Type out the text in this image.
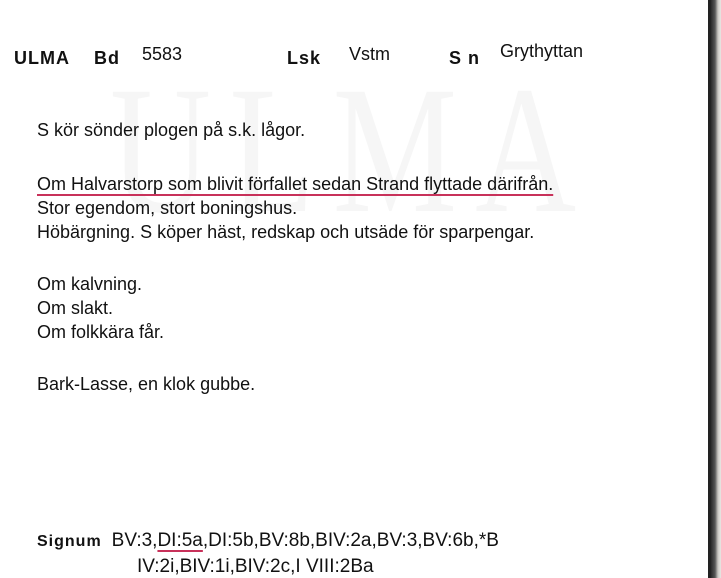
ULMA Bd 5583	Lsk Vstm	S n Grythyttan
S kör sönder plogen på s.k. lågor.
Om Halvarstorp som blivit förfallet sedan Strand flyttade därifrån.
Stor egendom, stort boningshus.
Höbärgning. S köper häst, redskap och utsäde för sparpengar.
Om kalvning.
Om slakt.
Om folkkära får.
Bark-Lasse, en klok gubbe.
Signum BV:3,DI:5a,DI:5b,BV:8b,BIV:2a,BV:3,BV:6b,*B
IV:2i,BIV:1i,BIV:2c,I VIII:2Ba
